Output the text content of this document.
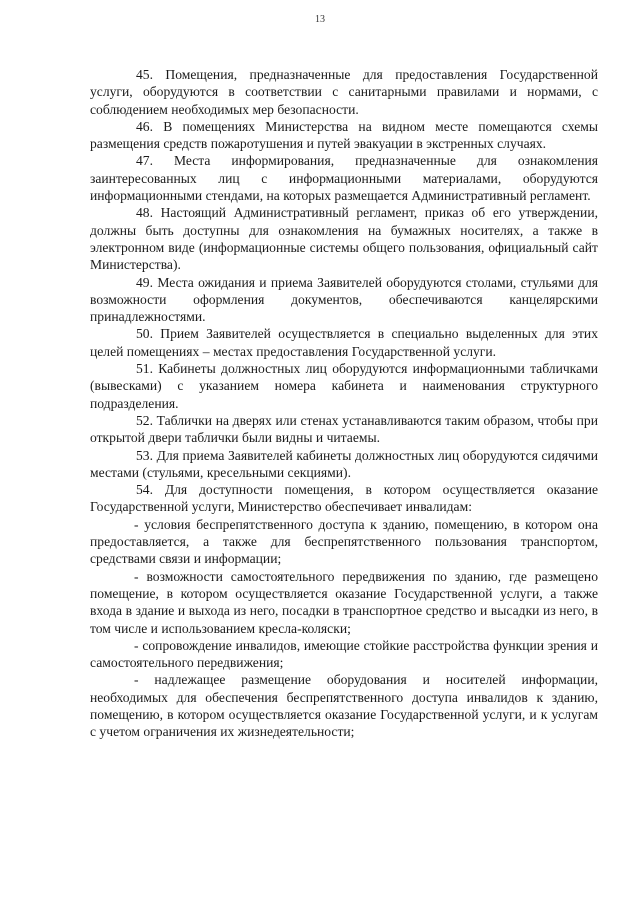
13

45. Помещения, предназначенные для предоставления Государственной услуги, оборудуются в соответствии с санитарными правилами и нормами, с соблюдением необходимых мер безопасности.

46. В помещениях Министерства на видном месте помещаются схемы размещения средств пожаротушения и путей эвакуации в экстренных случаях.

47. Места информирования, предназначенные для ознакомления заинтересованных лиц с информационными материалами, оборудуются информационными стендами, на которых размещается Административный регламент.

48. Настоящий Административный регламент, приказ об его утверждении, должны быть доступны для ознакомления на бумажных носителях, а также в электронном виде (информационные системы общего пользования, официальный сайт Министерства).

49. Места ожидания и приема Заявителей оборудуются столами, стульями для возможности оформления документов, обеспечиваются канцелярскими принадлежностями.

50. Прием Заявителей осуществляется в специально выделенных для этих целей помещениях – местах предоставления Государственной услуги.

51. Кабинеты должностных лиц оборудуются информационными табличками (вывесками) с указанием номера кабинета и наименования структурного подразделения.

52. Таблички на дверях или стенах устанавливаются таким образом, чтобы при открытой двери таблички были видны и читаемы.

53. Для приема Заявителей кабинеты должностных лиц оборудуются сидячими местами (стульями, кресельными секциями).

54. Для доступности помещения, в котором осуществляется оказание Государственной услуги, Министерство обеспечивает инвалидам:

- условия беспрепятственного доступа к зданию, помещению, в котором она предоставляется, а также для беспрепятственного пользования транспортом, средствами связи и информации;

- возможности самостоятельного передвижения по зданию, где размещено помещение, в котором осуществляется оказание Государственной услуги, а также входа в здание и выхода из него, посадки в транспортное средство и высадки из него, в том числе и использованием кресла-коляски;

- сопровождение инвалидов, имеющие стойкие расстройства функции зрения и самостоятельного передвижения;

- надлежащее размещение оборудования и носителей информации, необходимых для обеспечения беспрепятственного доступа инвалидов к зданию, помещению, в котором осуществляется оказание Государственной услуги, и к услугам с учетом ограничения их жизнедеятельности;
